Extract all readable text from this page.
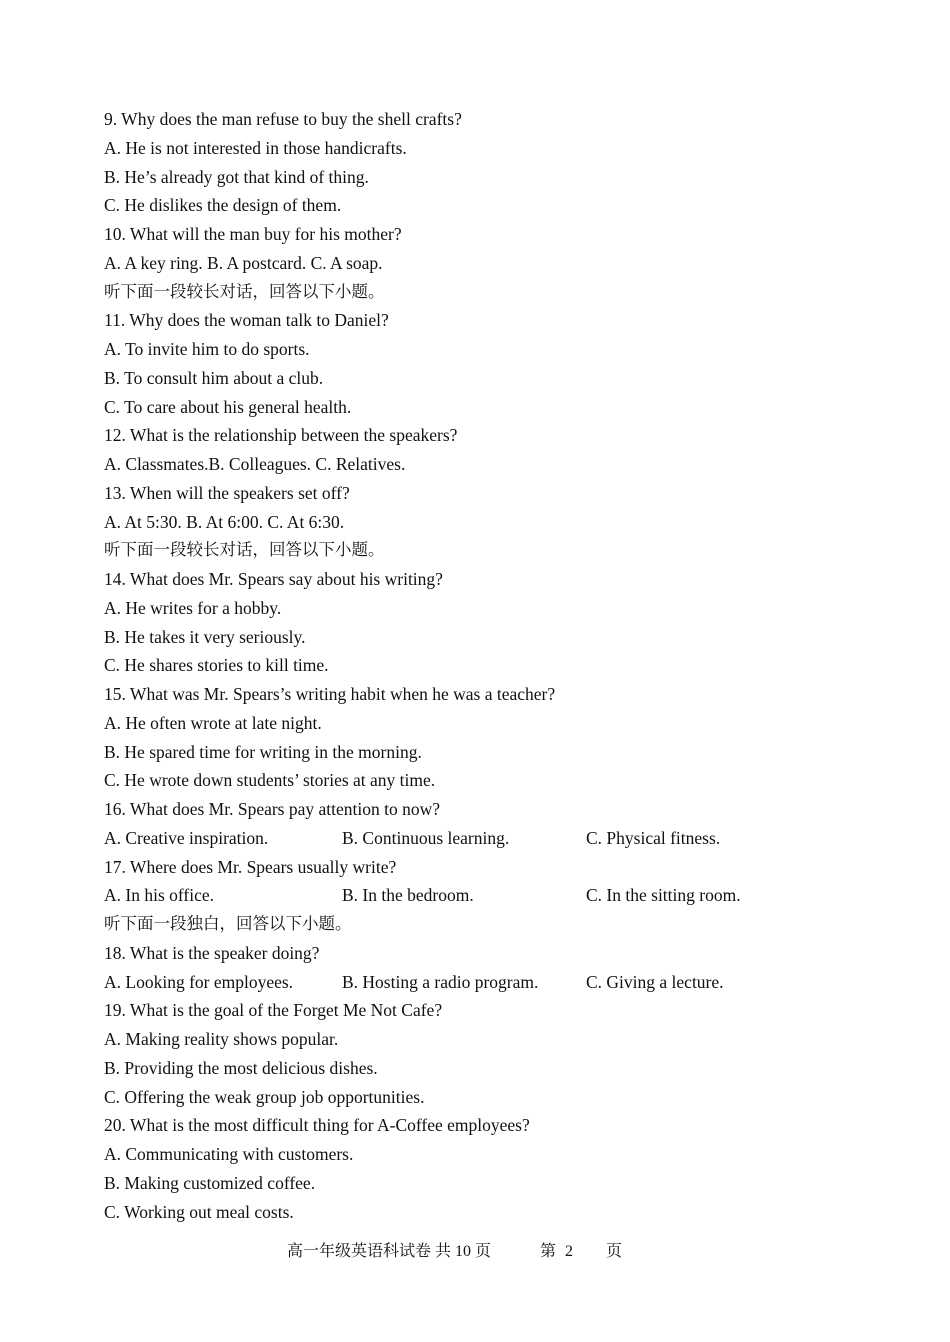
9. Why does the man refuse to buy the shell crafts?
A. He is not interested in those handicrafts.
B. He’s already got that kind of thing.
C. He dislikes the design of them.
10. What will the man buy for his mother?
A. A key ring. B. A postcard. C. A soap.
听下面一段较长对话，回答以下小题。
11. Why does the woman talk to Daniel?
A. To invite him to do sports.
B. To consult him about a club.
C. To care about his general health.
12. What is the relationship between the speakers?
A. Classmates.B. Colleagues. C. Relatives.
13. When will the speakers set off?
A. At 5:30. B. At 6:00. C. At 6:30.
听下面一段较长对话，回答以下小题。
14. What does Mr. Spears say about his writing?
A. He writes for a hobby.
B. He takes it very seriously.
C. He shares stories to kill time.
15. What was Mr. Spears’s writing habit when he was a teacher?
A. He often wrote at late night.
B. He spared time for writing in the morning.
C. He wrote down students’ stories at any time.
16. What does Mr. Spears pay attention to now?
A. Creative inspiration.	B. Continuous learning.	C. Physical fitness.
17. Where does Mr. Spears usually write?
A. In his office.	B. In the bedroom.	C. In the sitting room.
听下面一段独白，回答以下小题。
18. What is the speaker doing?
A. Looking for employees.	B. Hosting a radio program.	C. Giving a lecture.
19. What is the goal of the Forget Me Not Cafe?
A. Making reality shows popular.
B. Providing the most delicious dishes.
C. Offering the weak group job opportunities.
20. What is the most difficult thing for A-Coffee employees?
A. Communicating with customers.
B. Making customized coffee.
C. Working out meal costs.
高一年级英语科试卷 共 10 页	第 2 页
